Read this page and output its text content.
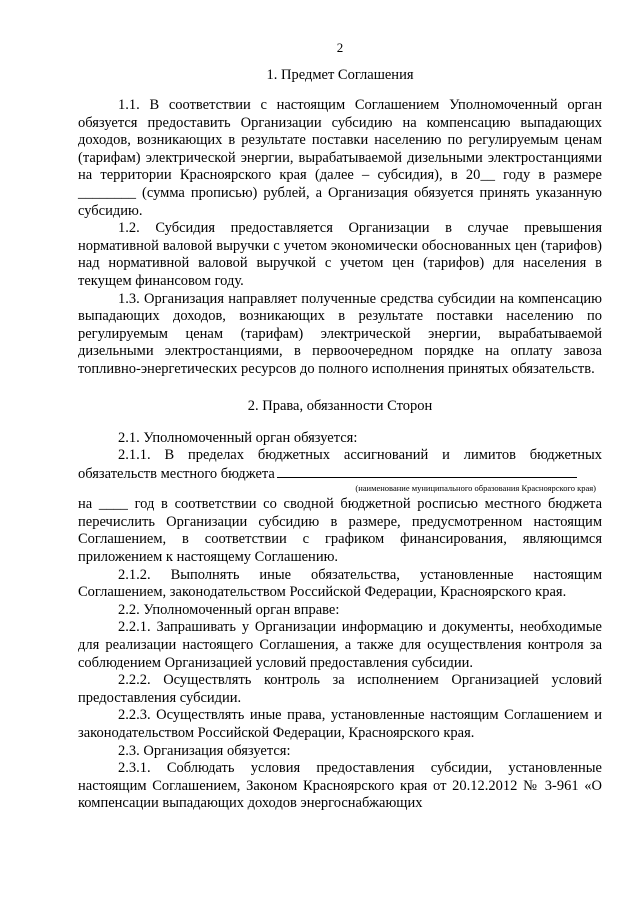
2
1. Предмет Соглашения

1.1. В соответствии с настоящим Соглашением Уполномоченный орган обязуется предоставить Организации субсидию на компенсацию выпадающих доходов, возникающих в результате поставки населению по регулируемым ценам (тарифам) электрической энергии, вырабатываемой дизельными электростанциями на территории Красноярского края (далее – субсидия), в 20__ году в размере ________ (сумма прописью) рублей, а Организация обязуется принять указанную субсидию.

1.2. Субсидия предоставляется Организации в случае превышения нормативной валовой выручки с учетом экономически обоснованных цен (тарифов) над нормативной валовой выручкой с учетом цен (тарифов) для населения в текущем финансовом году.

1.3. Организация направляет полученные средства субсидии на компенсацию выпадающих доходов, возникающих в результате поставки населению по регулируемым ценам (тарифам) электрической энергии, вырабатываемой дизельными электростанциями, в первоочередном порядке на оплату завоза топливно-энергетических ресурсов до полного исполнения принятых обязательств.

2. Права, обязанности Сторон

2.1. Уполномоченный орган обязуется:

2.1.1. В пределах бюджетных ассигнований и лимитов бюджетных обязательств местного бюджета

(наименование муниципального образования Красноярского края)

на ____ год в соответствии со сводной бюджетной росписью местного бюджета перечислить Организации субсидию в размере, предусмотренном настоящим Соглашением, в соответствии с графиком финансирования, являющимся приложением к настоящему Соглашению.

2.1.2. Выполнять иные обязательства, установленные настоящим Соглашением, законодательством Российской Федерации, Красноярского края.

2.2. Уполномоченный орган вправе:

2.2.1. Запрашивать у Организации информацию и документы, необходимые для реализации настоящего Соглашения, а также для осуществления контроля за соблюдением Организацией условий предоставления субсидии.

2.2.2. Осуществлять контроль за исполнением Организацией условий предоставления субсидии.

2.2.3. Осуществлять иные права, установленные настоящим Соглашением и законодательством Российской Федерации, Красноярского края.

2.3. Организация обязуется:

2.3.1. Соблюдать условия предоставления субсидии, установленные настоящим Соглашением, Законом Красноярского края от 20.12.2012 № 3-961 «О компенсации выпадающих доходов энергоснабжающих
